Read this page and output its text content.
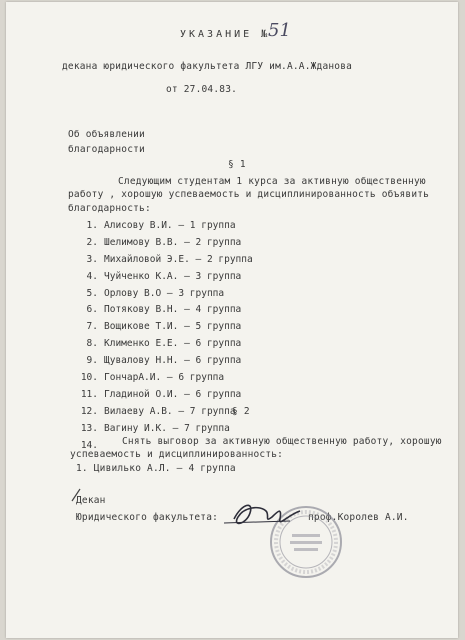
УКАЗАНИЕ №
51
декана юридического факультета ЛГУ им.А.А.Жданова
от 27.04.83.
Об объявлении
благодарности
§ 1
Следующим студентам 1 курса за активную общественную
работу , хорошую успеваемость и дисциплинированность объявить
благодарность:
1. Алисову В.И. – 1 группа
2. Шелимову В.В. – 2 группа
3. Михайловой Э.Е. – 2 группа
4. Чуйченко К.А. – 3 группа
5. Орлову В.О – 3 группа
6. Потякову В.Н. – 4 группа
7. Вощикове Т.И. – 5 группа
8. Клименко Е.Е. – 6 группа
9. Щувалову Н.Н. – 6 группа
10. ГончарА.И. – 6 группа
11. Гладиной О.И. – 6 группа
12. Вилаеву А.В. – 7 группа
13. Вагину И.К. – 7 группа
14.
§ 2
Снять выговор за активную общественную работу, хорошую
успеваемость и дисциплинированность:
1. Цивилько А.Л. – 4 группа
Декан
Юридического факультета:	проф.Королев А.И.
